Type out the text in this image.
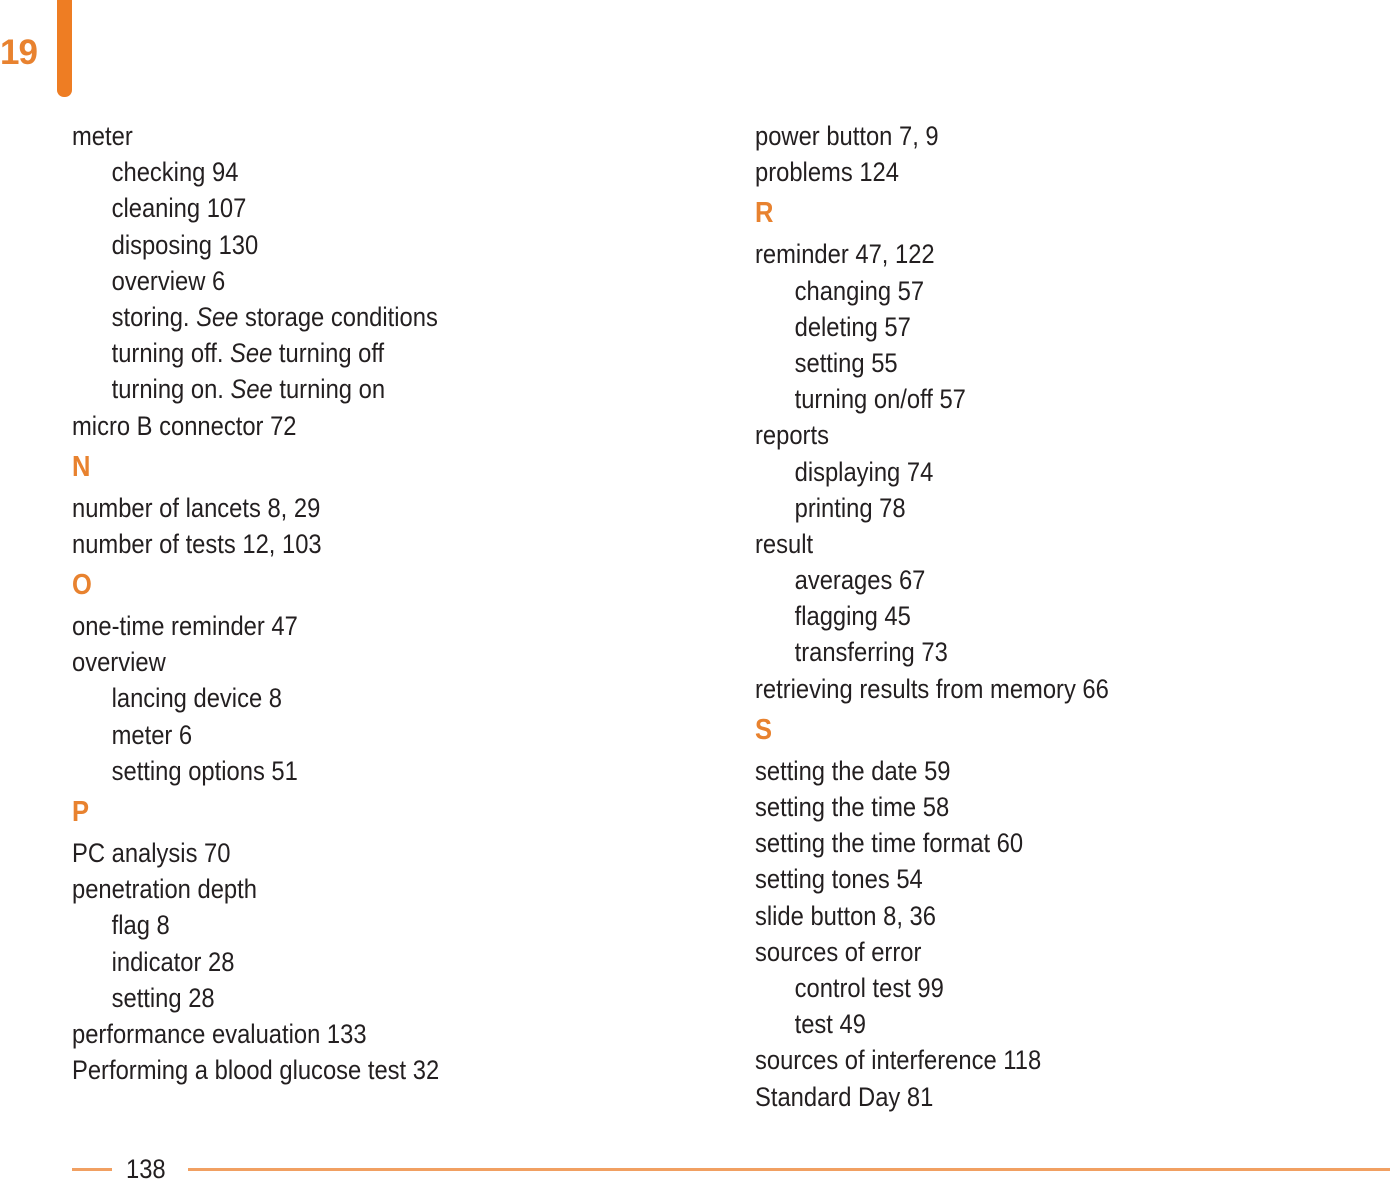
19
meter
checking 94
cleaning 107
disposing 130
overview 6
storing. See storage conditions
turning off. See turning off
turning on. See turning on
micro B connector 72
N
number of lancets 8, 29
number of tests 12, 103
O
one-time reminder 47
overview
lancing device 8
meter 6
setting options 51
P
PC analysis 70
penetration depth
flag 8
indicator 28
setting 28
performance evaluation 133
Performing a blood glucose test 32
power button 7, 9
problems 124
R
reminder 47, 122
changing 57
deleting 57
setting 55
turning on/off 57
reports
displaying 74
printing 78
result
averages 67
flagging 45
transferring 73
retrieving results from memory 66
S
setting the date 59
setting the time 58
setting the time format 60
setting tones 54
slide button 8, 36
sources of error
control test 99
test 49
sources of interference 118
Standard Day 81
138
